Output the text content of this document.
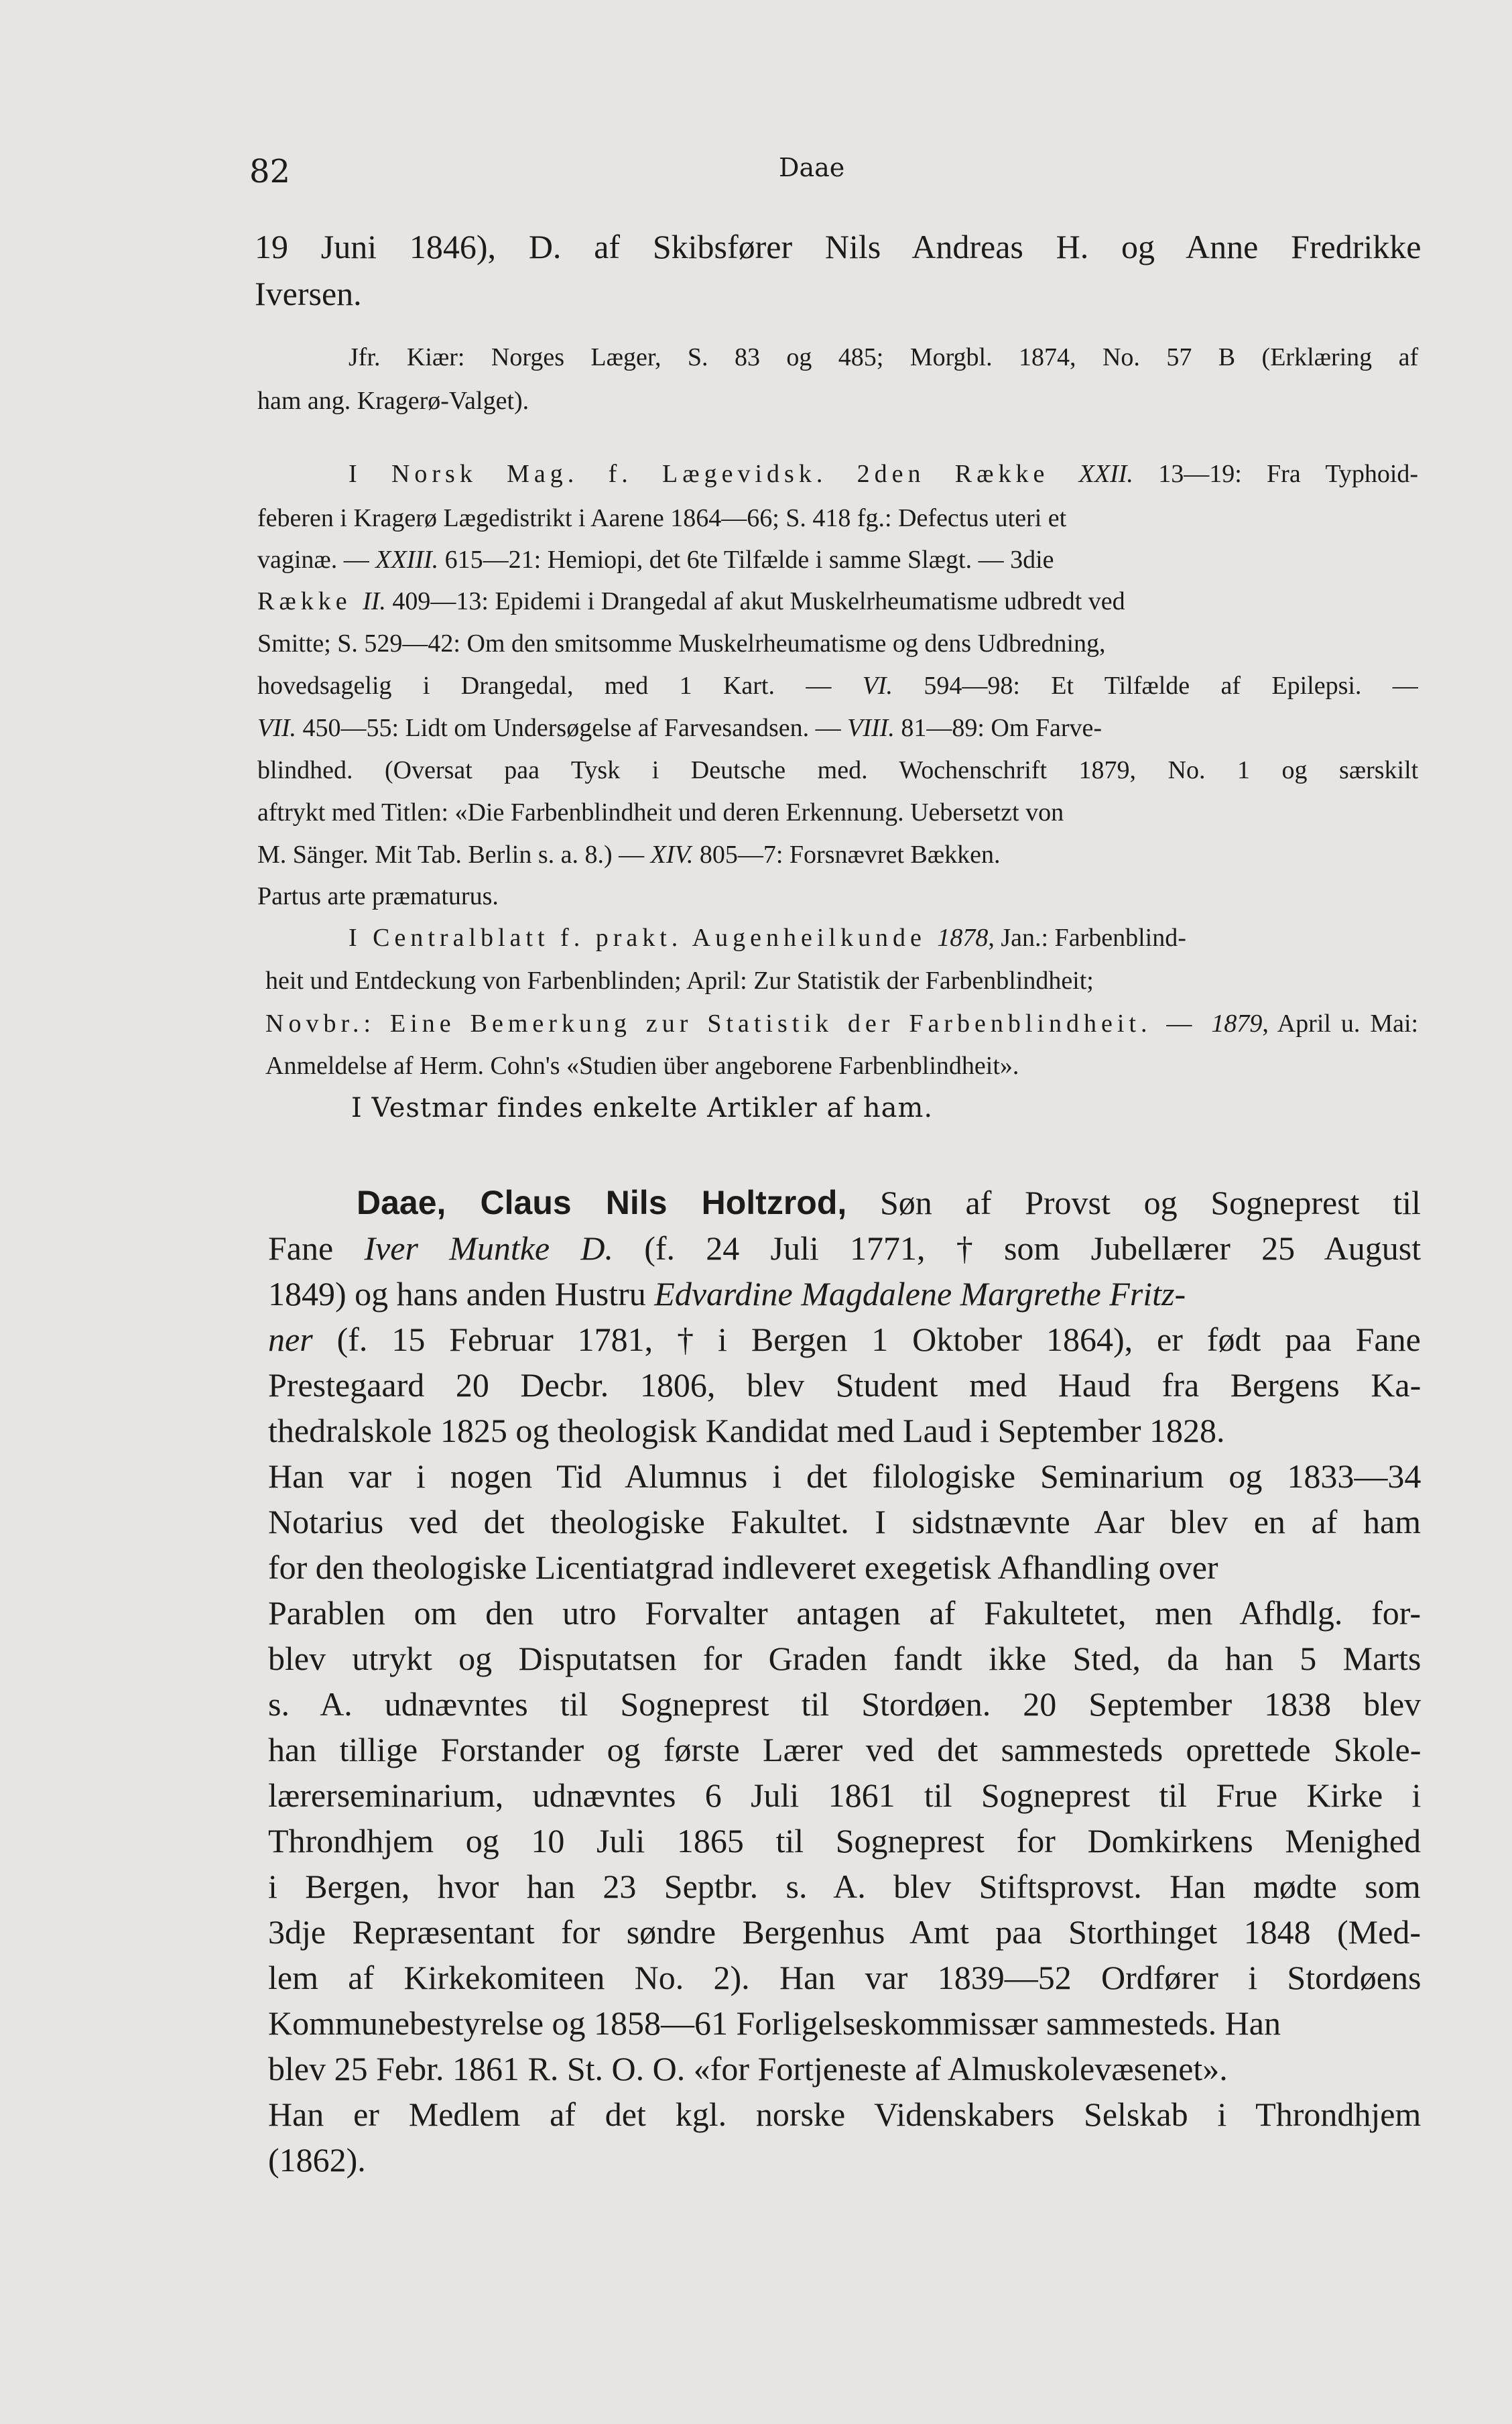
82	Daae
19 Juni 1846), D. af Skibsfører Nils Andreas H. og Anne Fredrikke
Iversen.
Jfr. Kiær: Norges Læger, S. 83 og 485; Morgbl. 1874, No. 57 B (Erklæring af
ham ang. Kragerø-Valget).
I Norsk Mag. f. Lægevidsk. 2den Række XXII. 13—19: Fra Typhoid-
feberen i Kragerø Lægedistrikt i Aarene 1864—66; S. 418 fg.: Defectus uteri et
vaginæ. — XXIII. 615—21: Hemiopi, det 6te Tilfælde i samme Slægt. — 3die
Række II. 409—13: Epidemi i Drangedal af akut Muskelrheumatisme udbredt ved
Smitte; S. 529—42: Om den smitsomme Muskelrheumatisme og dens Udbredning,
hovedsagelig i Drangedal, med 1 Kart. — VI. 594—98: Et Tilfælde af Epilepsi. —
VII. 450—55: Lidt om Undersøgelse af Farvesandsen. — VIII. 81—89: Om Farve-
blindhed. (Oversat paa Tysk i Deutsche med. Wochenschrift 1879, No. 1 og særskilt
aftrykt med Titlen: «Die Farbenblindheit und deren Erkennung. Uebersetzt von
M. Sänger. Mit Tab. Berlin s. a. 8.) — XIV. 805—7: Forsnævret Bækken.
Partus arte præmaturus.
I Centralblatt f. prakt. Augenheilkunde 1878, Jan.: Farbenblind-
heit und Entdeckung von Farbenblinden; April: Zur Statistik der Farbenblindheit;
Novbr.: Eine Bemerkung zur Statistik der Farbenblindheit. — 1879, April u. Mai:
Anmeldelse af Herm. Cohn's «Studien über angeborene Farbenblindheit».
I Vestmar findes enkelte Artikler af ham.
Daae, Claus Nils Holtzrod, Søn af Provst og Sogneprest til
Fane Iver Muntke D. (f. 24 Juli 1771, † som Jubellærer 25 August
1849) og hans anden Hustru Edvardine Magdalene Margrethe Fritz-
ner (f. 15 Februar 1781, † i Bergen 1 Oktober 1864), er født paa Fane
Prestegaard 20 Decbr. 1806, blev Student med Haud fra Bergens Ka-
thedralskole 1825 og theologisk Kandidat med Laud i September 1828.
Han var i nogen Tid Alumnus i det filologiske Seminarium og 1833—34
Notarius ved det theologiske Fakultet. I sidstnævnte Aar blev en af ham
for den theologiske Licentiatgrad indleveret exegetisk Afhandling over
Parablen om den utro Forvalter antagen af Fakultetet, men Afhdlg. for-
blev utrykt og Disputatsen for Graden fandt ikke Sted, da han 5 Marts
s. A. udnævntes til Sogneprest til Stordøen. 20 September 1838 blev
han tillige Forstander og første Lærer ved det sammesteds oprettede Skole-
lærerseminarium, udnævntes 6 Juli 1861 til Sogneprest til Frue Kirke i
Throndhjem og 10 Juli 1865 til Sogneprest for Domkirkens Menighed
i Bergen, hvor han 23 Septbr. s. A. blev Stiftsprovst. Han mødte som
3dje Repræsentant for søndre Bergenhus Amt paa Storthinget 1848 (Med-
lem af Kirkekomiteen No. 2). Han var 1839—52 Ordfører i Stordøens
Kommunebestyrelse og 1858—61 Forligelseskommissær sammesteds. Han
blev 25 Febr. 1861 R. St. O. O. «for Fortjeneste af Almuskolevæsenet».
Han er Medlem af det kgl. norske Videnskabers Selskab i Throndhjem
(1862).
